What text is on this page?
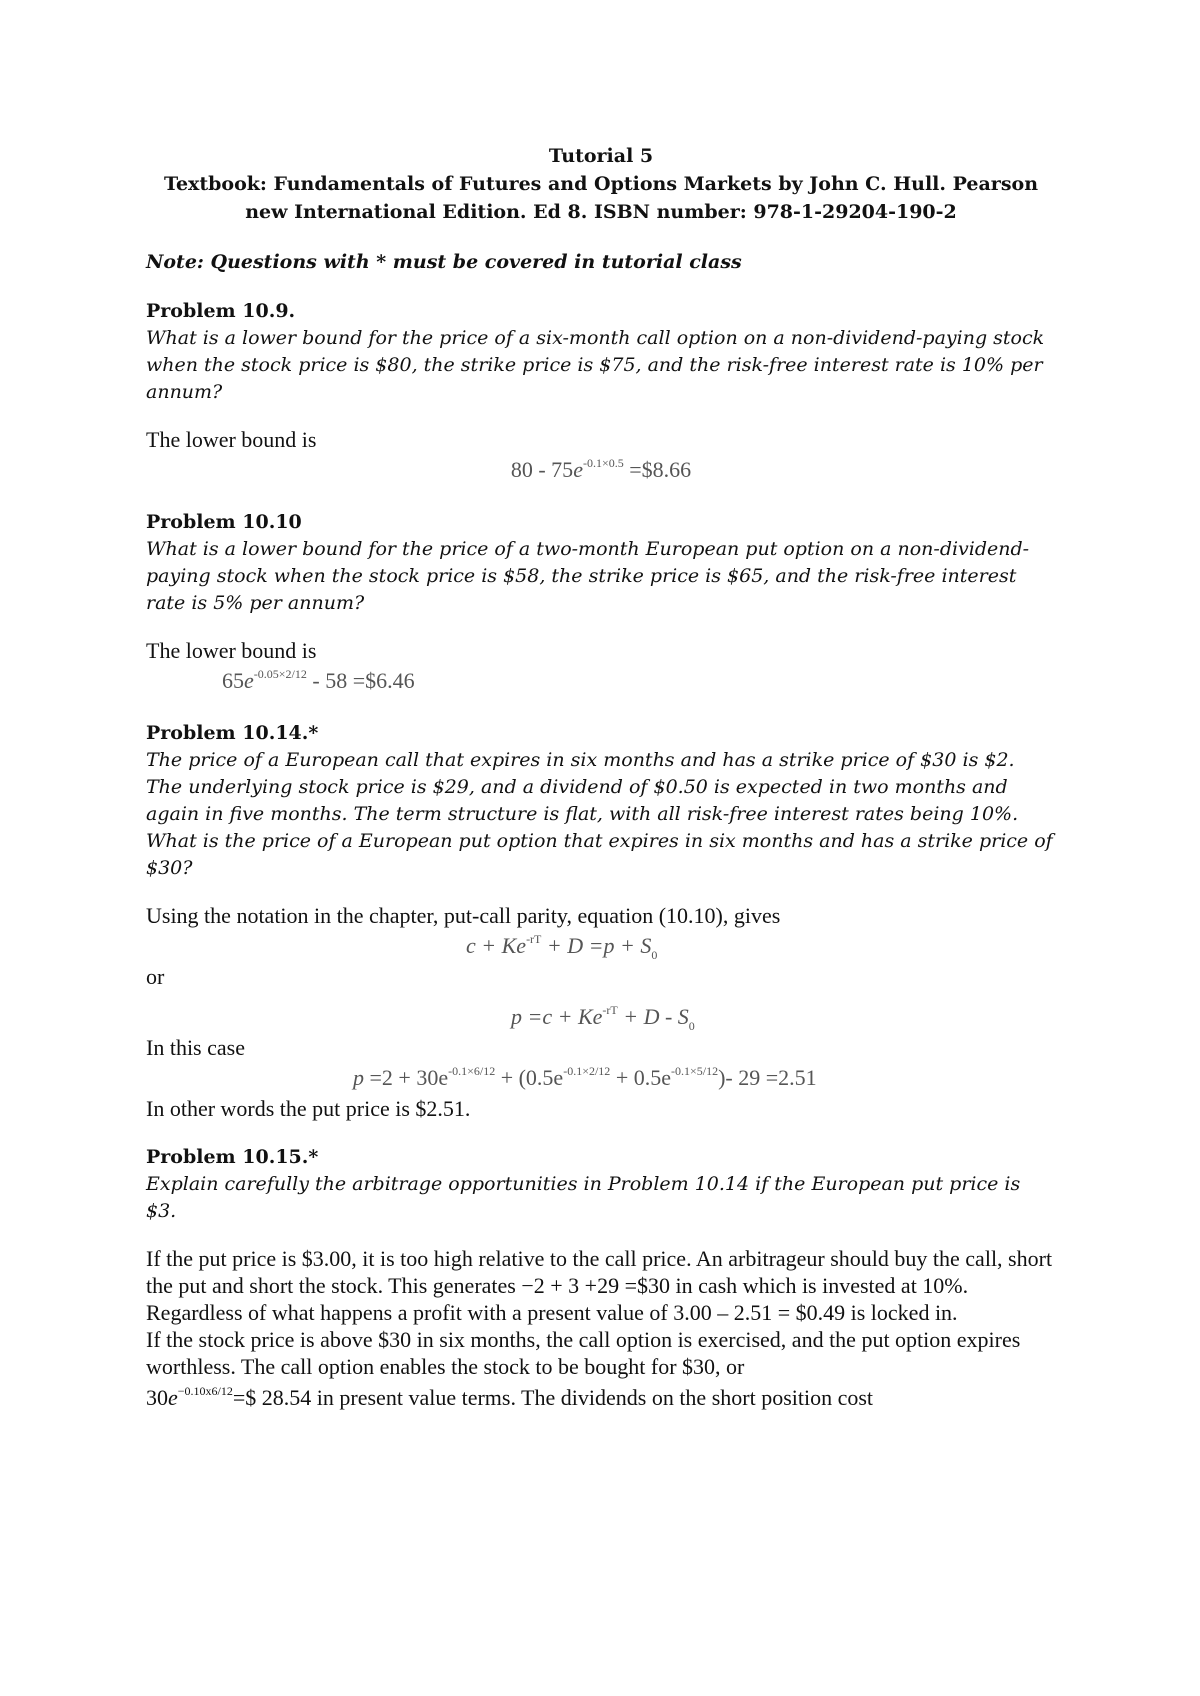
Tutorial 5
Textbook: Fundamentals of Futures and Options Markets by John C. Hull. Pearson
new International Edition. Ed 8. ISBN number: 978-1-29204-190-2
Note: Questions with * must be covered in tutorial class
Problem 10.9.
What is a lower bound for the price of a six-month call option on a non-dividend-paying stock when the stock price is $80, the strike price is $75, and the risk-free interest rate is 10% per annum?
The lower bound is
$80 - 75e^{-0.1\times 0.5}$ =$8.66
Problem 10.10
What is a lower bound for the price of a two-month European put option on a non-dividend-paying stock when the stock price is $58, the strike price is $65, and the risk-free interest rate is 5% per annum?
The lower bound is
$65e^{-0.05\times 2/12} - 58$ =$6.46
Problem 10.14.*
The price of a European call that expires in six months and has a strike price of $30 is $2. The underlying stock price is $29, and a dividend of $0.50 is expected in two months and again in five months. The term structure is flat, with all risk-free interest rates being 10%. What is the price of a European put option that expires in six months and has a strike price of $30?
Using the notation in the chapter, put-call parity, equation (10.10), gives
$c + Ke^{-rT} + D =p + S_0$
or
$p =c + Ke^{-rT} + D - S_0$
In this case
$p =2 + 30e^{-0.1\times 6/12} + (0.5e^{-0.1\times 2/12} + 0.5e^{-0.1\times 5/12})-$ 29 =2.51
In other words the put price is $2.51.
Problem 10.15.*
Explain carefully the arbitrage opportunities in Problem 10.14 if the European put price is $3.
If the put price is $3.00, it is too high relative to the call price. An arbitrageur should buy the call, short the put and short the stock. This generates −2 + 3 +29 =$30 in cash which is invested at 10%. Regardless of what happens a profit with a present value of 3.00 – 2.51 = $0.49 is locked in.
If the stock price is above $30 in six months, the call option is exercised, and the put option expires worthless. The call option enables the stock to be bought for $30, or
$30e^{-0.10x6/12}=\$$ 28.54 in present value terms. The dividends on the short position cost
